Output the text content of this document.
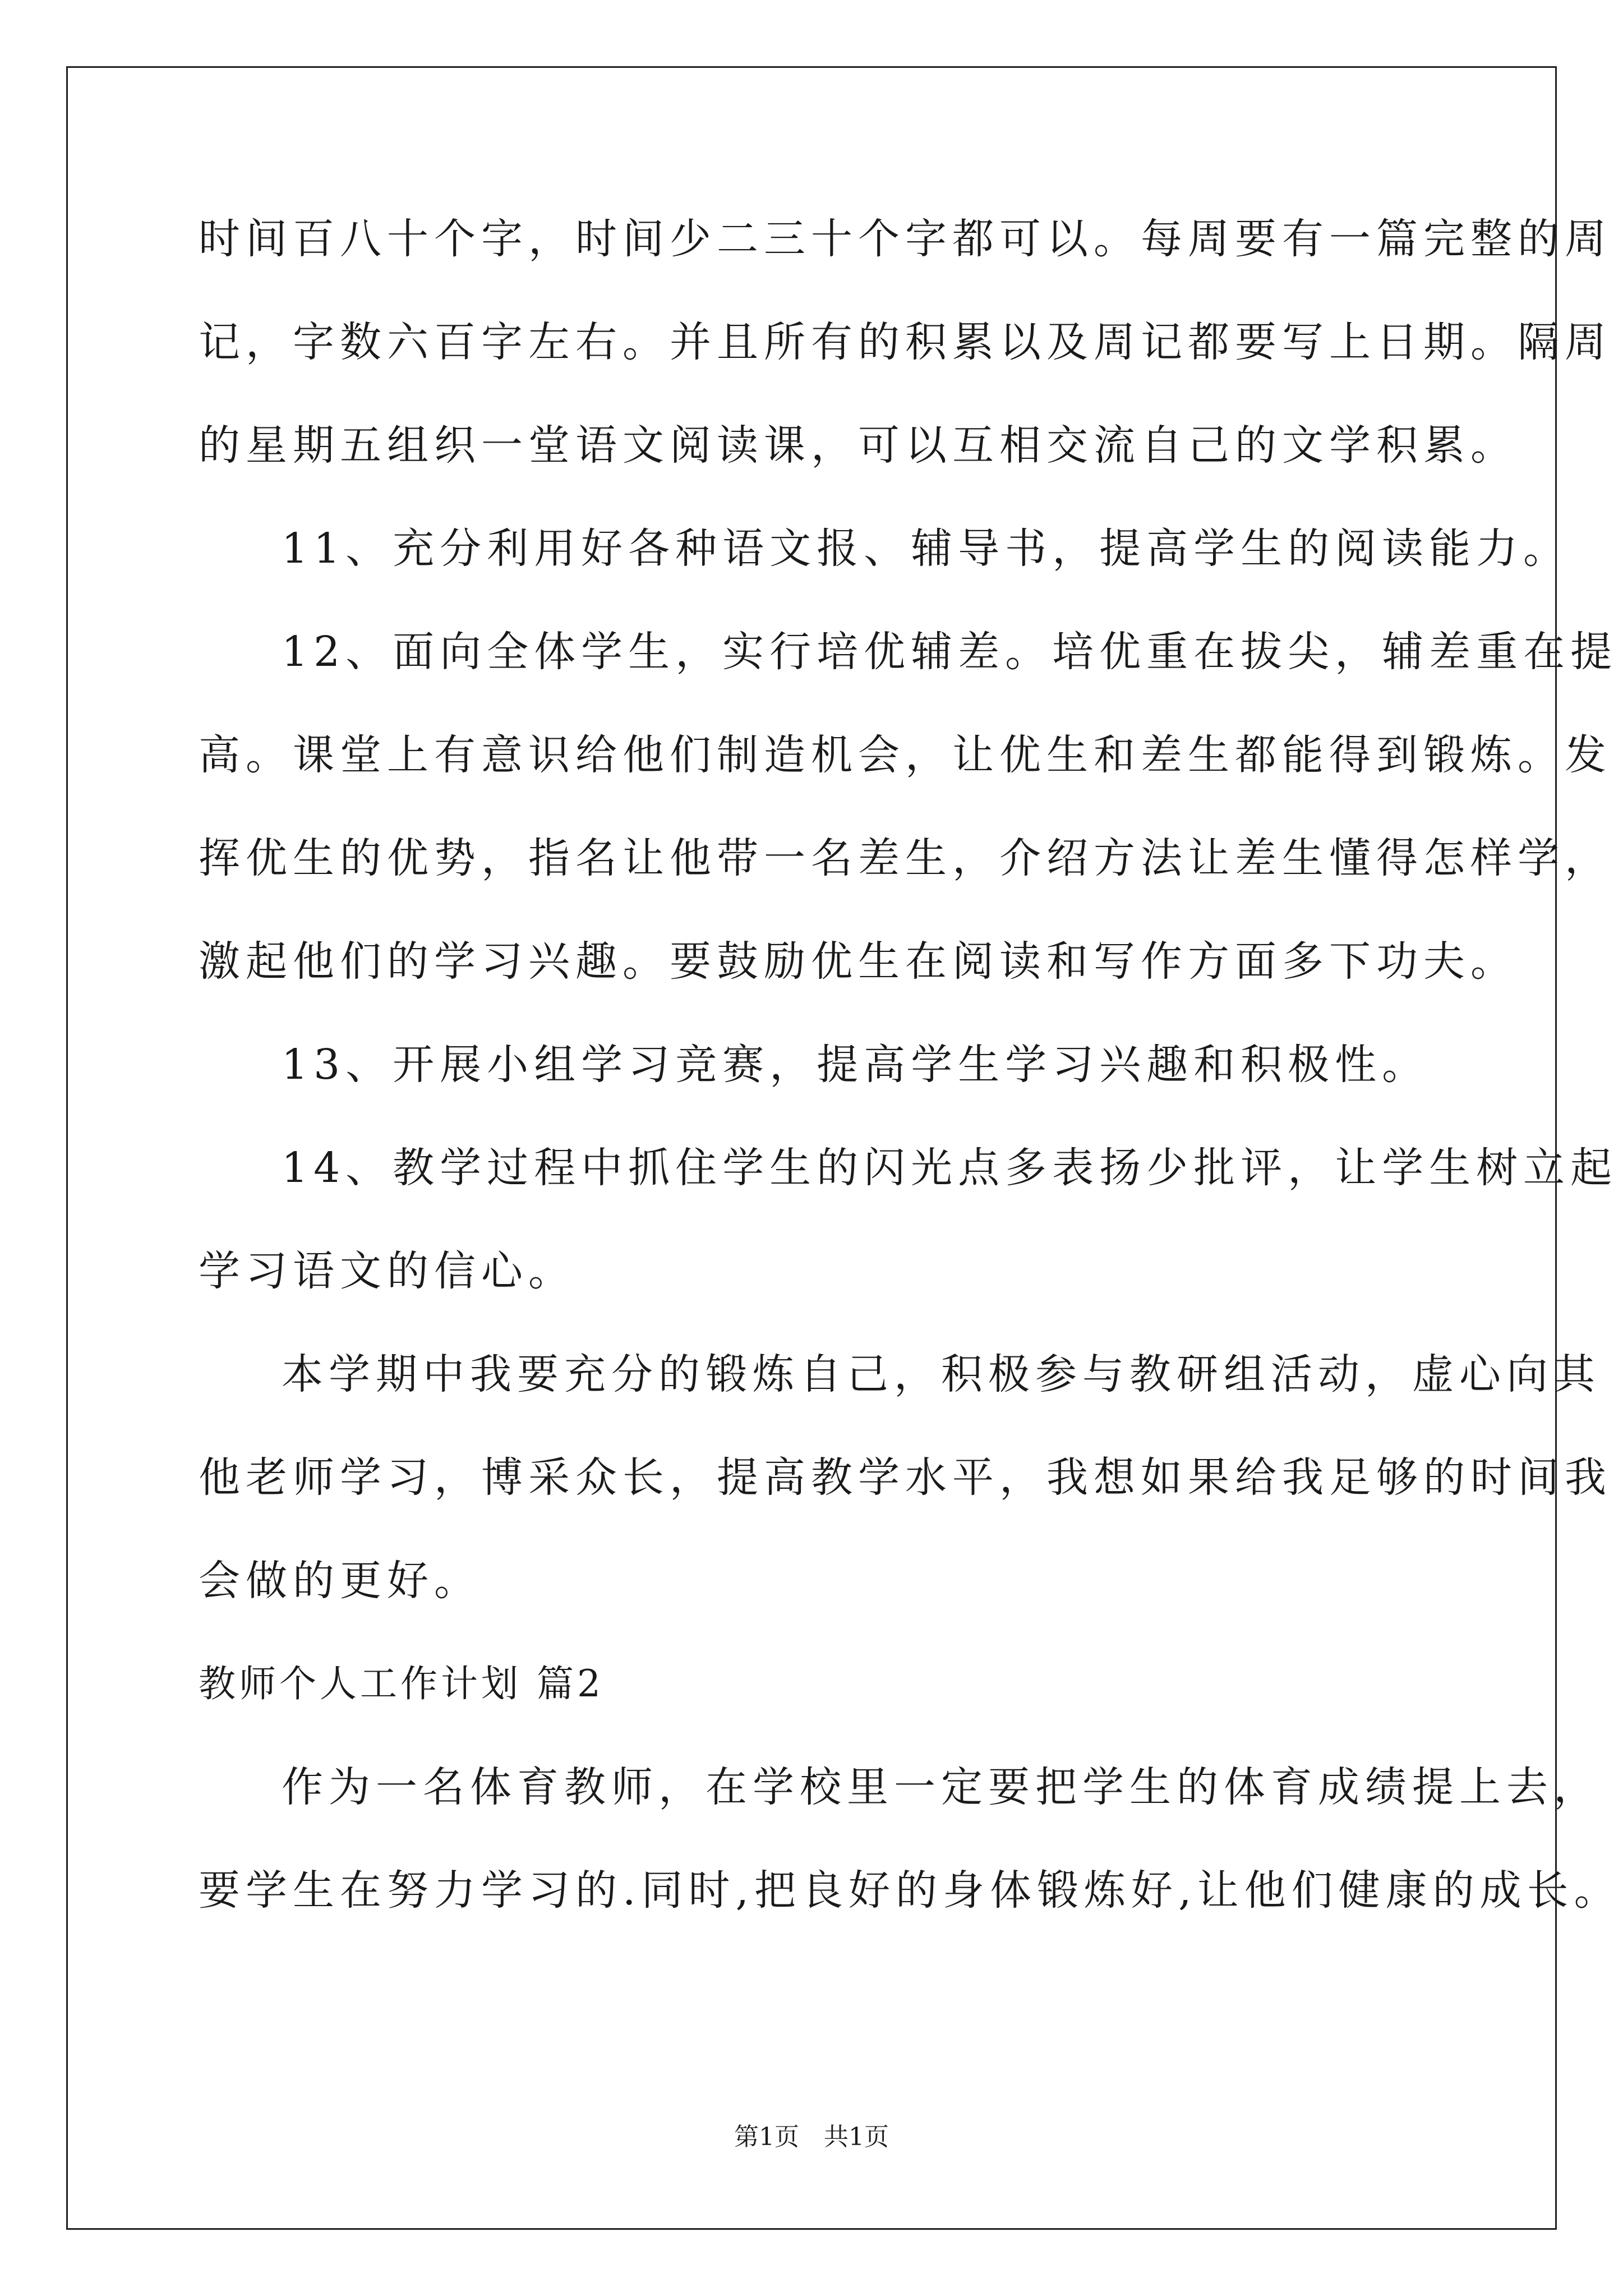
时间百八十个字，时间少二三十个字都可以。每周要有一篇完整的周

记，字数六百字左右。并且所有的积累以及周记都要写上日期。隔周

的星期五组织一堂语文阅读课，可以互相交流自己的文学积累。

11、充分利用好各种语文报、辅导书，提高学生的阅读能力。

12、面向全体学生，实行培优辅差。培优重在拔尖，辅差重在提

高。课堂上有意识给他们制造机会，让优生和差生都能得到锻炼。发

挥优生的优势，指名让他带一名差生，介绍方法让差生懂得怎样学，

激起他们的学习兴趣。要鼓励优生在阅读和写作方面多下功夫。

13、开展小组学习竞赛，提高学生学习兴趣和积极性。

14、教学过程中抓住学生的闪光点多表扬少批评，让学生树立起

学习语文的信心。

本学期中我要充分的锻炼自己，积极参与教研组活动，虚心向其

他老师学习，博采众长，提高教学水平，我想如果给我足够的时间我

会做的更好。

教师个人工作计划 篇2

作为一名体育教师，在学校里一定要把学生的体育成绩提上去，

要学生在努力学习的.同时,把良好的身体锻炼好,让他们健康的成长。

第1页　共1页
